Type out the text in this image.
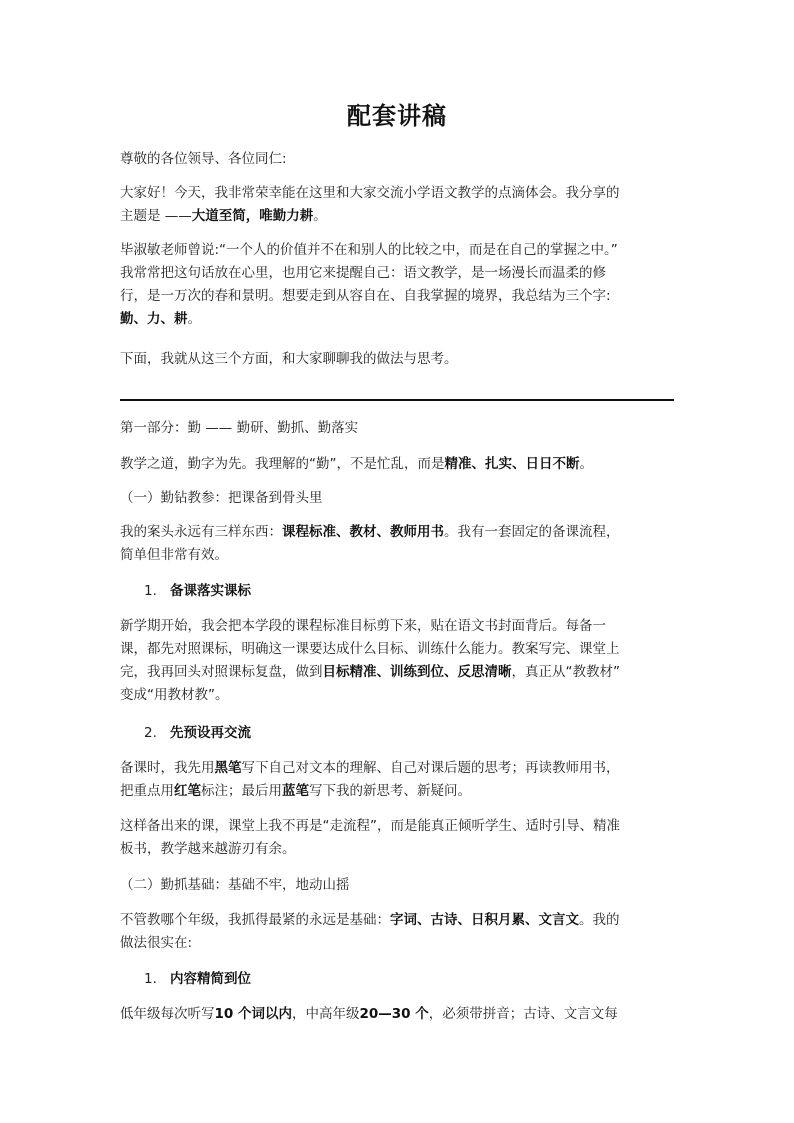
配套讲稿
尊敬的各位领导、各位同仁:
大家好！今天，我非常荣幸能在这里和大家交流小学语文教学的点滴体会。我分享的
主题是 ——大道至简，唯勤力耕。
毕淑敏老师曾说:“一个人的价值并不在和别人的比较之中，而是在自己的掌握之中。”
我常常把这句话放在心里，也用它来提醒自己：语文教学，是一场漫长而温柔的修
行，是一万次的春和景明。想要走到从容自在、自我掌握的境界，我总结为三个字:
勤、力、耕。
下面，我就从这三个方面，和大家聊聊我的做法与思考。
第一部分：勤 —— 勤研、勤抓、勤落实
教学之道，勤字为先。我理解的“勤”，不是忙乱，而是精准、扎实、日日不断。
（一）勤钻教参：把课备到骨头里
我的案头永远有三样东西：课程标准、教材、教师用书。我有一套固定的备课流程，
简单但非常有效。
1. 备课落实课标
新学期开始，我会把本学段的课程标准目标剪下来，贴在语文书封面背后。每备一
课，都先对照课标，明确这一课要达成什么目标、训练什么能力。教案写完、课堂上
完，我再回头对照课标复盘，做到目标精准、训练到位、反思清晰，真正从“教教材”
变成“用教材教”。
2. 先预设再交流
备课时，我先用黑笔写下自己对文本的理解、自己对课后题的思考；再读教师用书，
把重点用红笔标注；最后用蓝笔写下我的新思考、新疑问。
这样备出来的课，课堂上我不再是“走流程”，而是能真正倾听学生、适时引导、精准
板书，教学越来越游刃有余。
（二）勤抓基础：基础不牢，地动山摇
不管教哪个年级，我抓得最紧的永远是基础：字词、古诗、日积月累、文言文。我的
做法很实在:
1. 内容精简到位
低年级每次听写10 个词以内，中高年级20—30 个，必须带拼音；古诗、文言文每
